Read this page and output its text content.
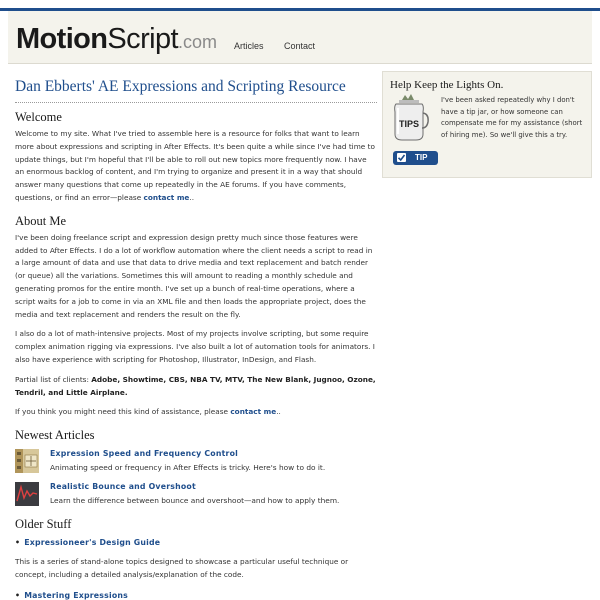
MotionScript.com Articles Contact
Dan Ebberts' AE Expressions and Scripting Resource
Welcome

Welcome to my site. What I've tried to assemble here is a resource for folks that want to learn more about expressions and scripting in After Effects. It's been quite a while since I've had time to update things, but I'm hopeful that I'll be able to roll out new topics more frequently now. I have an enormous backlog of content, and I'm trying to organize and present it in a way that should answer many questions that come up repeatedly in the AE forums. If you have comments, questions, or find an error—please contact me..

About Me

I've been doing freelance script and expression design pretty much since those features were added to After Effects. I do a lot of workflow automation where the client needs a script to read in a large amount of data and use that data to drive media and text replacement and batch render (or queue) all the variations. Sometimes this will amount to reading a monthly schedule and generating promos for the entire month. I've set up a bunch of real-time operations, where a script waits for a job to come in via an XML file and then loads the appropriate project, does the media and text replacement and renders the result on the fly.

I also do a lot of math-intensive projects. Most of my projects involve scripting, but some require complex animation rigging via expressions. I've also built a lot of automation tools for animators. I also have experience with scripting for Photoshop, Illustrator, InDesign, and Flash.

Partial list of clients: Adobe, Showtime, CBS, NBA TV, MTV, The New Blank, Jugnoo, Ozone, Tendril, and Little Airplane.

If you think you might need this kind of assistance, please contact me..

Newest Articles
Expression Speed and Frequency Control
Animating speed or frequency in After Effects is tricky. Here's how to do it.
Realistic Bounce and Overshoot
Learn the difference between bounce and overshoot—and how to apply them.
Older Stuff
• Expressioneer's Design Guide

This is a series of stand-alone topics designed to showcase a particular useful technique or concept, including a detailed analysis/explanation of the code.

• Mastering Expressions
Help Keep the Lights On.
TIPS

I've been asked repeatedly why I don't have a tip jar, or how someone can compensate me for my assistance (short of hiring me). So we'll give this a try.

TIP
